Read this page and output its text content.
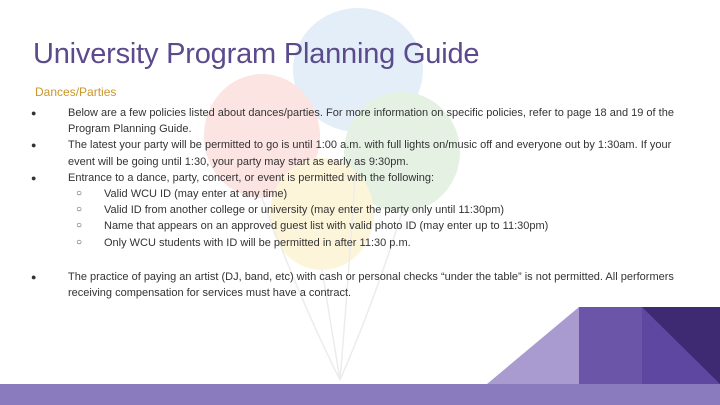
University Program Planning Guide
Dances/Parties
●	Below are a few policies listed about dances/parties. For more information on specific policies, refer to page 18 and 19 of the Program Planning Guide.
●	The latest your party will be permitted to go is until 1:00 a.m. with full lights on/music off and everyone out by 1:30am. If your event will be going until 1:30, your party may start as early as 9:30pm.
●	Entrance to a dance, party, concert, or event is permitted with the following:
○ Valid WCU ID (may enter at any time)
○ Valid ID from another college or university (may enter the party only until 11:30pm)
○ Name that appears on an approved guest list with valid photo ID (may enter up to 11:30pm)
○ Only WCU students with ID will be permitted in after 11:30 p.m.
●	The practice of paying an artist (DJ, band, etc) with cash or personal checks “under the table” is not permitted. All performers receiving compensation for services must have a contract.
